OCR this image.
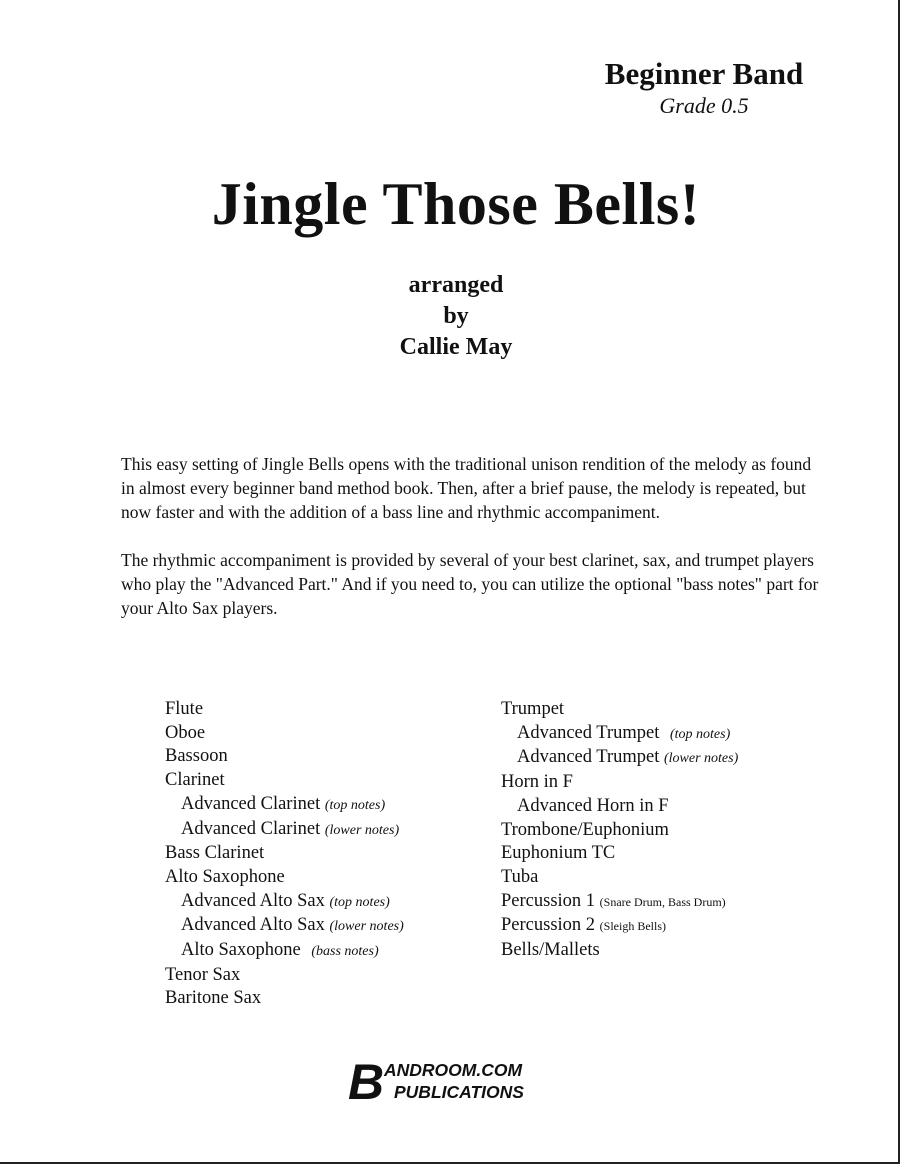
Beginner Band
Grade 0.5
Jingle Those Bells!
arranged
by
Callie May

This easy setting of Jingle Bells opens with the traditional unison rendition of the melody as found in almost every beginner band method book. Then, after a brief pause, the melody is repeated, but now faster and with the addition of a bass line and rhythmic accompaniment.

The rhythmic accompaniment is provided by several of your best clarinet, sax, and trumpet players who play the "Advanced Part." And if you need to, you can utilize the optional "bass notes" part for your Alto Sax players.

Flute
Oboe
Bassoon
Clarinet
Advanced Clarinet (top notes)
Advanced Clarinet (lower notes)
Bass Clarinet
Alto Saxophone
Advanced Alto Sax (top notes)
Advanced Alto Sax (lower notes)
Alto Saxophone (bass notes)
Tenor Sax
Baritone Sax
Trumpet
Advanced Trumpet (top notes)
Advanced Trumpet (lower notes)
Horn in F
Advanced Horn in F
Trombone/Euphonium
Euphonium TC
Tuba
Percussion 1 (Snare Drum, Bass Drum)
Percussion 2 (Sleigh Bells)
Bells/Mallets
B ANDROOM.COM
PUBLICATIONS
